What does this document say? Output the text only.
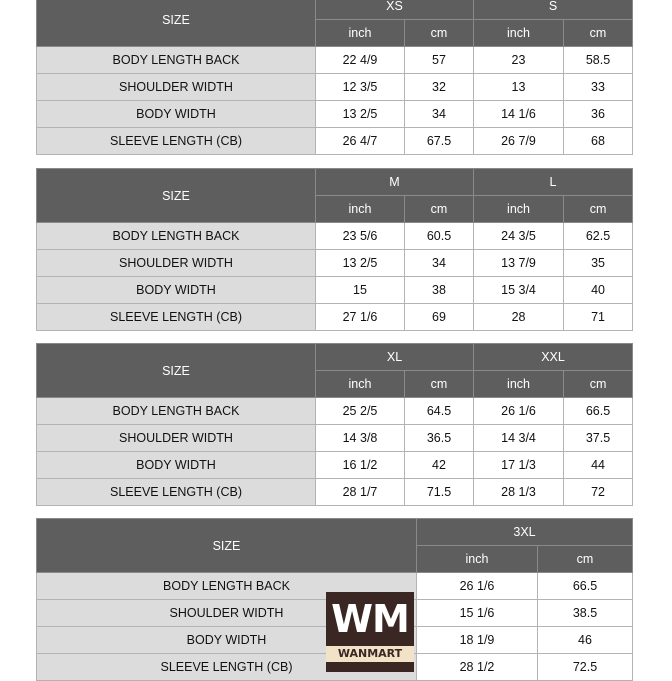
SIZE	XS		S	
	inch	cm	inch	cm
BODY LENGTH BACK	22 4/9	57	23	58.5
SHOULDER WIDTH	12 3/5	32	13	33
BODY WIDTH	13 2/5	34	14 1/6	36
SLEEVE LENGTH (CB)	26 4/7	67.5	26 7/9	68
SIZE	M		L	
	inch	cm	inch	cm
BODY LENGTH BACK	23 5/6	60.5	24 3/5	62.5
SHOULDER WIDTH	13 2/5	34	13 7/9	35
BODY WIDTH	15	38	15 3/4	40
SLEEVE LENGTH (CB)	27 1/6	69	28	71
SIZE	XL		XXL	
	inch	cm	inch	cm
BODY LENGTH BACK	25 2/5	64.5	26 1/6	66.5
SHOULDER WIDTH	14 3/8	36.5	14 3/4	37.5
BODY WIDTH	16 1/2	42	17 1/3	44
SLEEVE LENGTH (CB)	28 1/7	71.5	28 1/3	72
SIZE	3XL	
	inch	cm
BODY LENGTH BACK	26 1/6	66.5
SHOULDER WIDTH	15 1/6	38.5
BODY WIDTH	18 1/9	46
SLEEVE LENGTH (CB)	28 1/2	72.5
WM
WANMART
